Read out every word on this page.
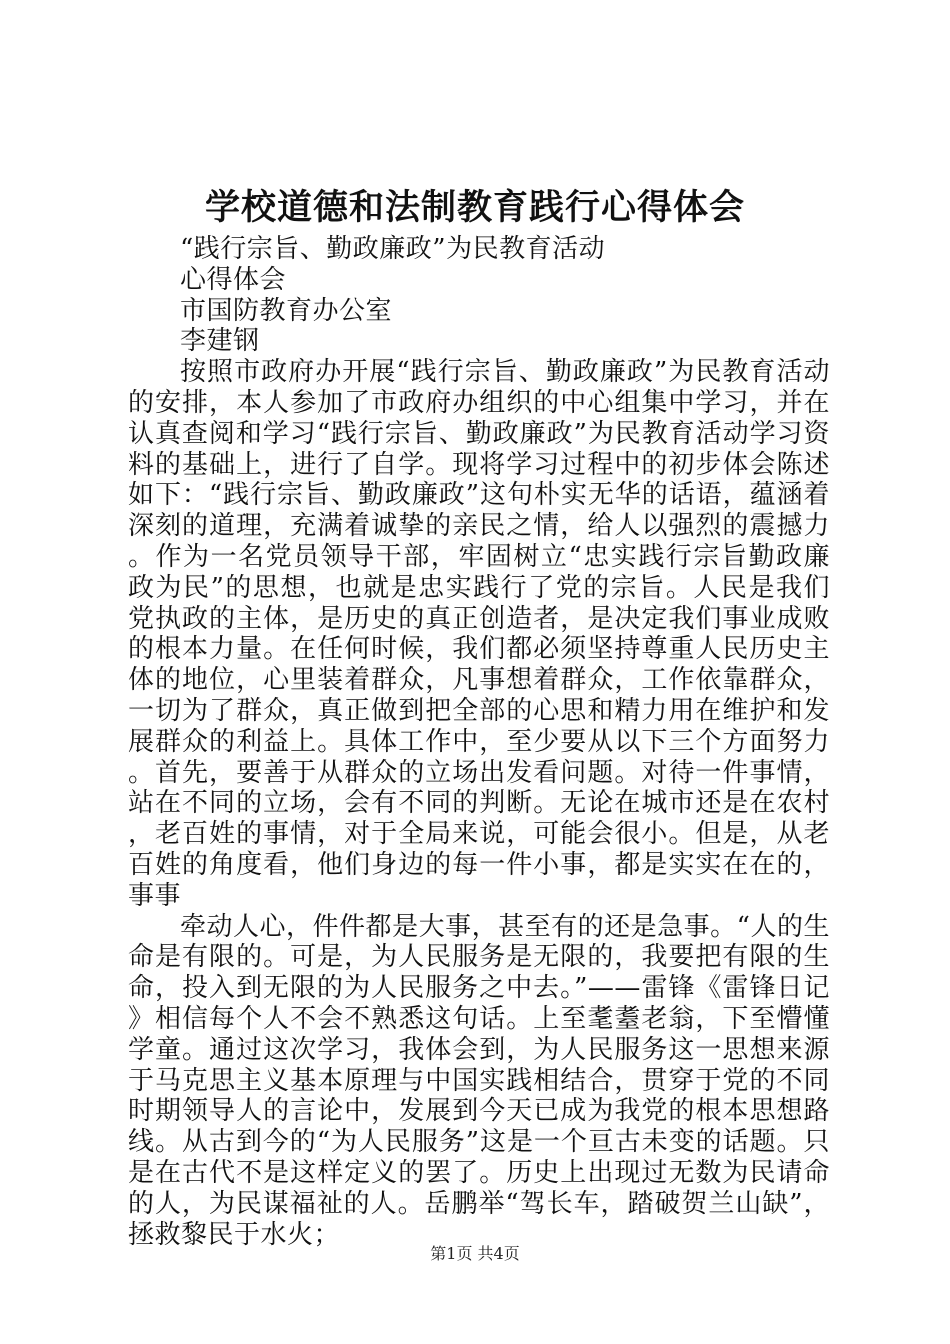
学校道德和法制教育践行心得体会

“践行宗旨、勤政廉政”为民教育活动

心得体会

市国防教育办公室

李建钢

按照市政府办开展“践行宗旨、勤政廉政”为民教育活动的安排，本人参加了市政府办组织的中心组集中学习，并在认真查阅和学习“践行宗旨、勤政廉政”为民教育活动学习资料的基础上，进行了自学。现将学习过程中的初步体会陈述如下：“践行宗旨、勤政廉政”这句朴实无华的话语，蕴涵着深刻的道理，充满着诚挚的亲民之情，给人以强烈的震撼力。作为一名党员领导干部，牢固树立“忠实践行宗旨勤政廉政为民”的思想，也就是忠实践行了党的宗旨。人民是我们党执政的主体，是历史的真正创造者，是决定我们事业成败的根本力量。在任何时候，我们都必须坚持尊重人民历史主体的地位，心里装着群众，凡事想着群众，工作依靠群众，一切为了群众，真正做到把全部的心思和精力用在维护和发展群众的利益上。具体工作中，至少要从以下三个方面努力。首先，要善于从群众的立场出发看问题。对待一件事情，站在不同的立场，会有不同的判断。无论在城市还是在农村，老百姓的事情，对于全局来说，可能会很小。但是，从老百姓的角度看，他们身边的每一件小事，都是实实在在的，事事

牵动人心，件件都是大事，甚至有的还是急事。“人的生命是有限的。可是，为人民服务是无限的，我要把有限的生命，投入到无限的为人民服务之中去。”——雷锋《雷锋日记》相信每个人不会不熟悉这句话。上至耄耋老翁，下至懵懂学童。通过这次学习，我体会到，为人民服务这一思想来源于马克思主义基本原理与中国实践相结合，贯穿于党的不同时期领导人的言论中，发展到今天已成为我党的根本思想路线。从古到今的“为人民服务”这是一个亘古未变的话题。只是在古代不是这样定义的罢了。历史上出现过无数为民请命的人，为民谋福祉的人。岳鹏举“驾长车，踏破贺兰山缺”，拯救黎民于水火；

第1页 共4页
